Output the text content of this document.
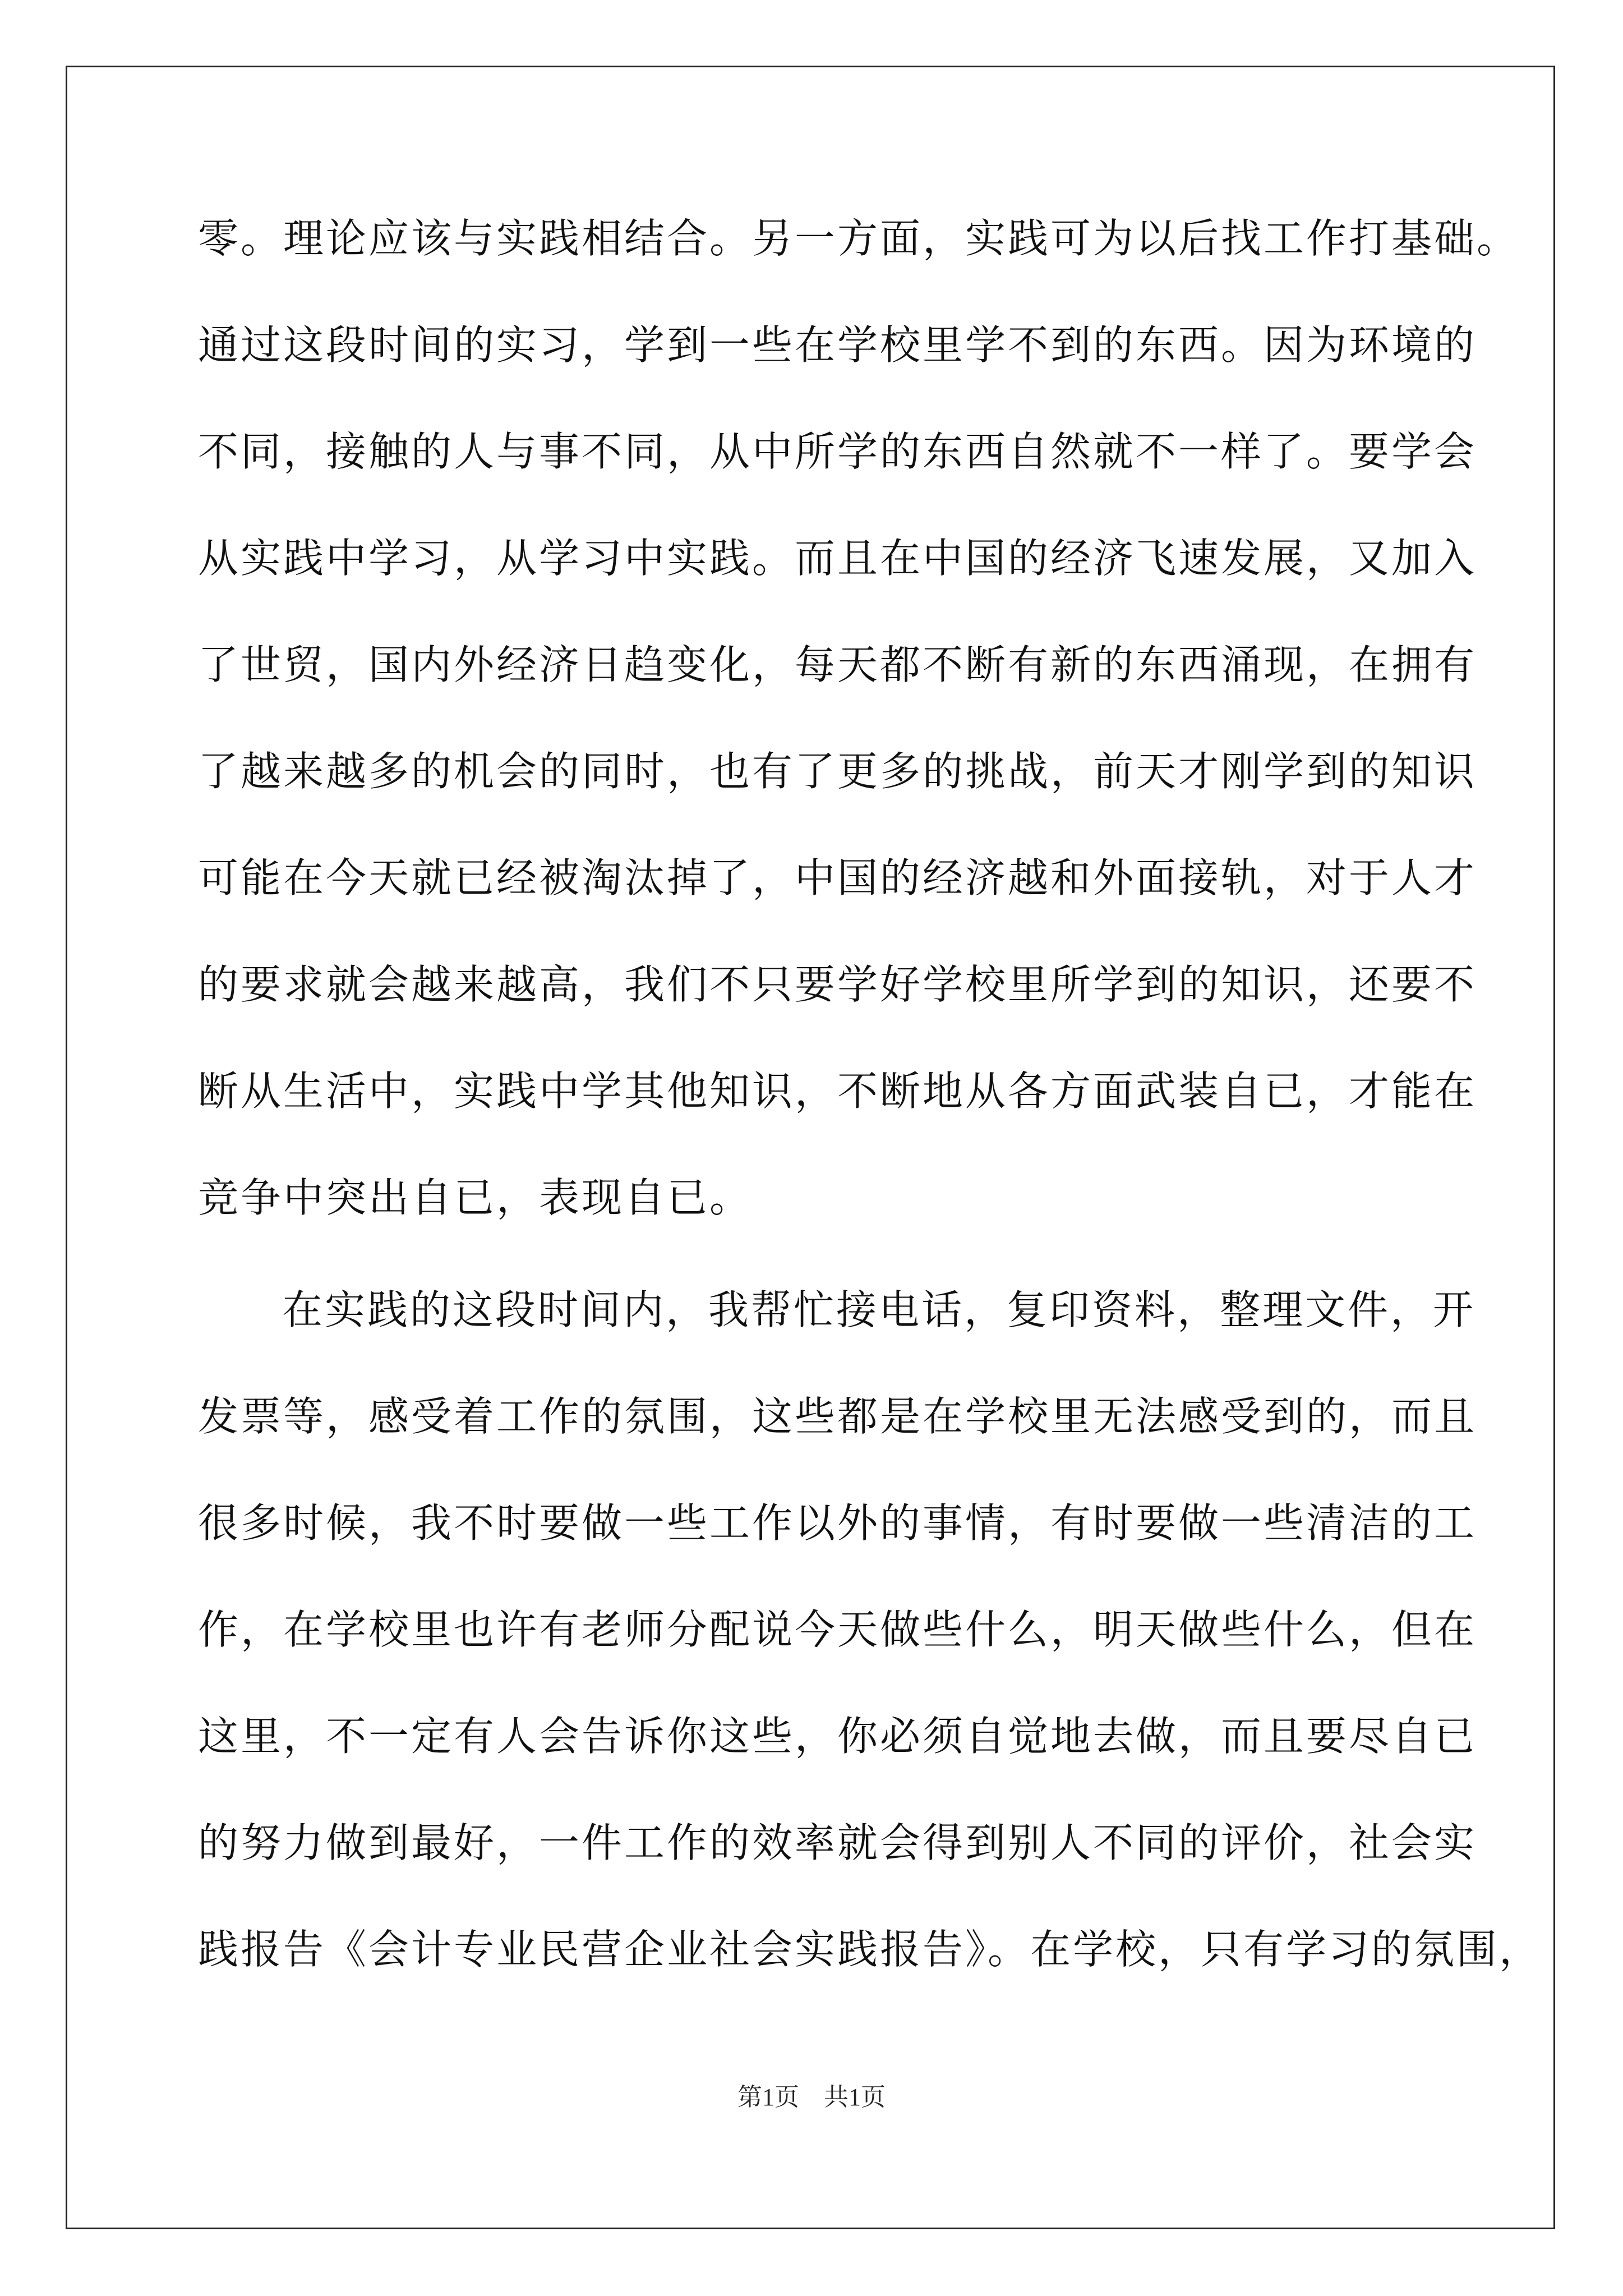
零。理论应该与实践相结合。另一方面，实践可为以后找工作打基础。
通过这段时间的实习，学到一些在学校里学不到的东西。因为环境的
不同，接触的人与事不同，从中所学的东西自然就不一样了。要学会
从实践中学习，从学习中实践。而且在中国的经济飞速发展，又加入
了世贸，国内外经济日趋变化，每天都不断有新的东西涌现，在拥有
了越来越多的机会的同时，也有了更多的挑战，前天才刚学到的知识
可能在今天就已经被淘汰掉了，中国的经济越和外面接轨，对于人才
的要求就会越来越高，我们不只要学好学校里所学到的知识，还要不
断从生活中，实践中学其他知识，不断地从各方面武装自已，才能在
竞争中突出自已，表现自已。
在实践的这段时间内，我帮忙接电话，复印资料，整理文件，开
发票等，感受着工作的氛围，这些都是在学校里无法感受到的，而且
很多时候，我不时要做一些工作以外的事情，有时要做一些清洁的工
作，在学校里也许有老师分配说今天做些什么，明天做些什么，但在
这里，不一定有人会告诉你这些，你必须自觉地去做，而且要尽自已
的努力做到最好，一件工作的效率就会得到别人不同的评价，社会实
践报告《会计专业民营企业社会实践报告》。在学校，只有学习的氛围，
第1页　共1页
